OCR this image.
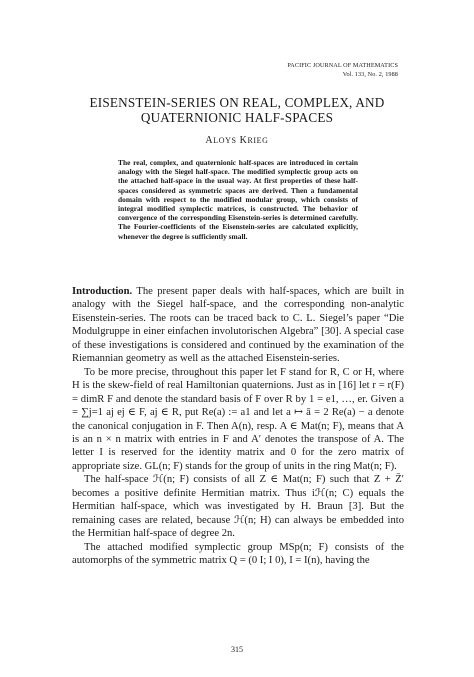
PACIFIC JOURNAL OF MATHEMATICS
Vol. 133, No. 2, 1988
EISENSTEIN-SERIES ON REAL, COMPLEX, AND
QUATERNIONIC HALF-SPACES
ALOYS KRIEG
The real, complex, and quaternionic half-spaces are introduced in certain analogy with the Siegel half-space. The modified symplectic group acts on the attached half-space in the usual way. At first properties of these half-spaces considered as symmetric spaces are derived. Then a fundamental domain with respect to the modified modular group, which consists of integral modified symplectic matrices, is constructed. The behavior of convergence of the corresponding Eisenstein-series is determined carefully. The Fourier-coefficients of the Eisenstein-series are calculated explicitly, whenever the degree is sufficiently small.

Introduction. The present paper deals with half-spaces, which are built in analogy with the Siegel half-space, and the corresponding non-analytic Eisenstein-series. The roots can be traced back to C. L. Siegel’s paper “Die Modulgruppe in einer einfachen involutorischen Algebra” [30]. A special case of these investigations is considered and continued by the examination of the Riemannian geometry as well as the attached Eisenstein-series.

To be more precise, throughout this paper let F stand for R, C or H, where H is the skew-field of real Hamiltonian quaternions. Just as in [16] let r = r(F) = dimR F and denote the standard basis of F over R by 1 = e1, …, er. Given a = ∑j=1 aj ej ∈ F, aj ∈ R, put Re(a) := a1 and let a ↦ ā = 2 Re(a) − a denote the canonical conjugation in F. Then A(n), resp. A ∈ Mat(n; F), means that A is an n × n matrix with entries in F and A′ denotes the transpose of A. The letter I is reserved for the identity matrix and 0 for the zero matrix of appropriate size. GL(n; F) stands for the group of units in the ring Mat(n; F).

The half-space ℋ(n; F) consists of all Z ∈ Mat(n; F) such that Z + Z̄′ becomes a positive definite Hermitian matrix. Thus iℋ(n; C) equals the Hermitian half-space, which was investigated by H. Braun [3]. But the remaining cases are related, because ℋ(n; H) can always be embedded into the Hermitian half-space of degree 2n.

The attached modified symplectic group MSp(n; F) consists of the automorphs of the symmetric matrix Q = (0 I; I 0), I = I(n), having the

315
